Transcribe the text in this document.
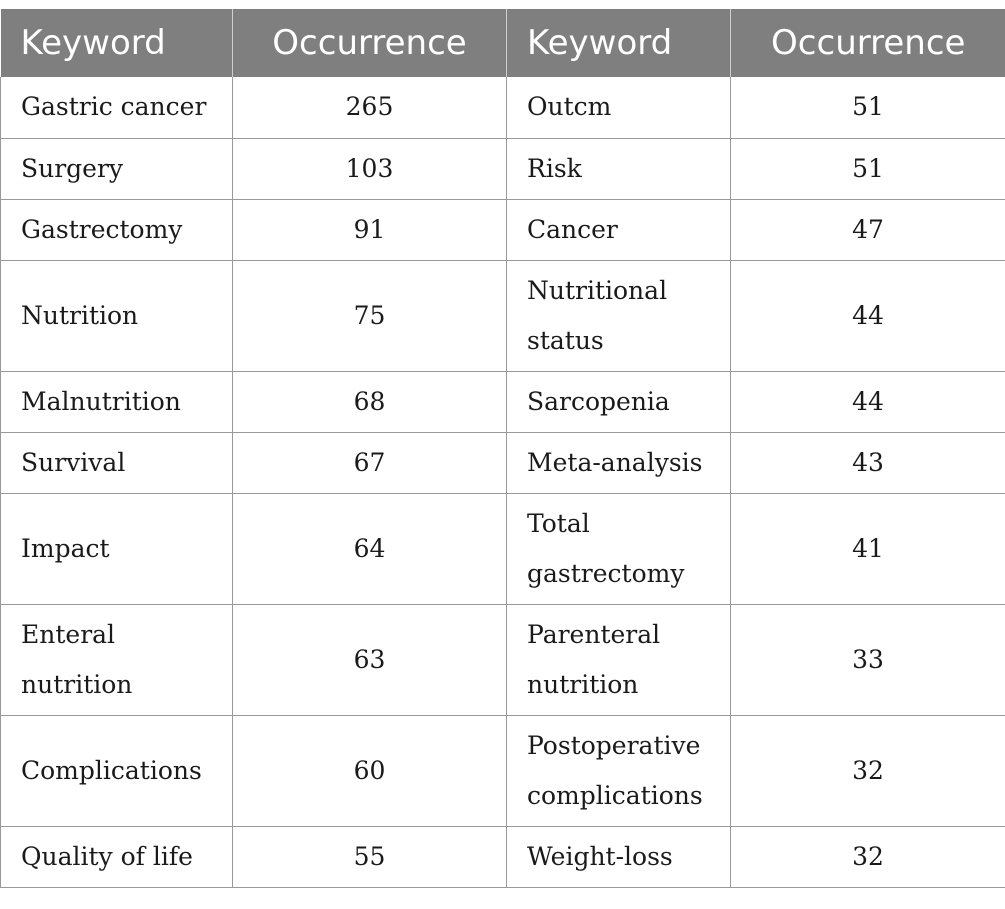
Keyword	Occurrence	Keyword	Occurrence
Gastric cancer	265	Outcm	51
Surgery	103	Risk	51
Gastrectomy	91	Cancer	47
Nutrition	75	Nutritional status	44
Malnutrition	68	Sarcopenia	44
Survival	67	Meta-analysis	43
Impact	64	Total gastrectomy	41
Enteral nutrition	63	Parenteral nutrition	33
Complications	60	Postoperative complications	32
Quality of life	55	Weight-loss	32
